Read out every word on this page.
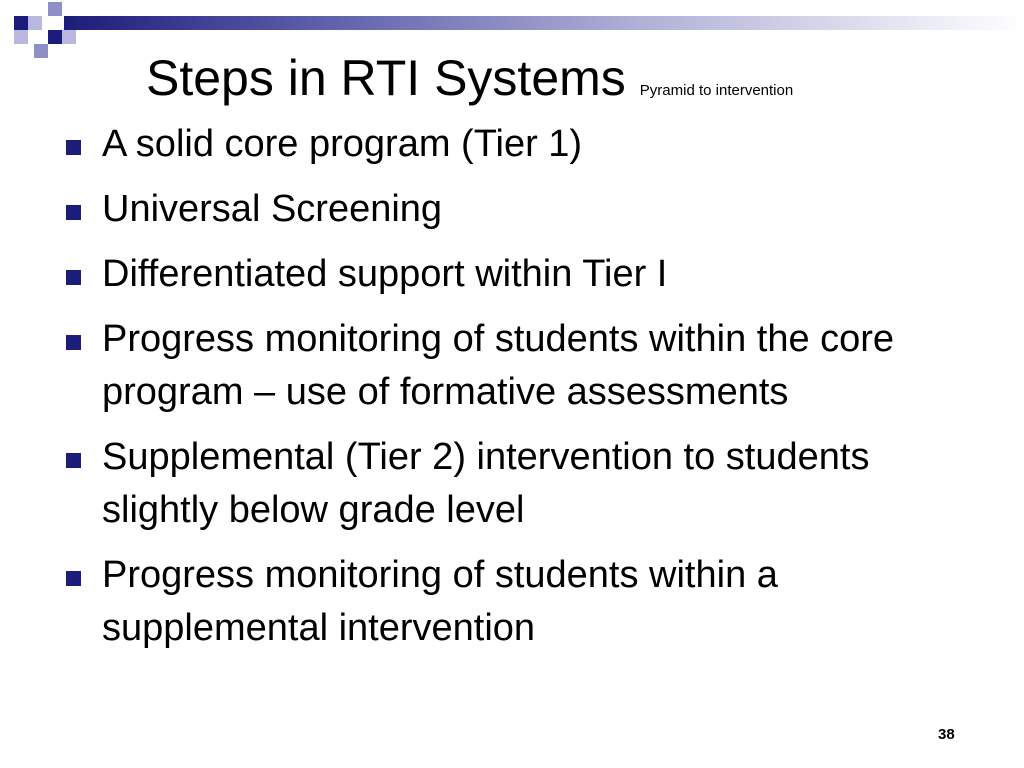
Steps in RTI Systems Pyramid to intervention
A solid core program (Tier 1)
Universal Screening
Differentiated support within Tier I
Progress monitoring of students within the core program – use of formative assessments
Supplemental (Tier 2) intervention to students slightly below grade level
Progress monitoring of students within a supplemental intervention
38
